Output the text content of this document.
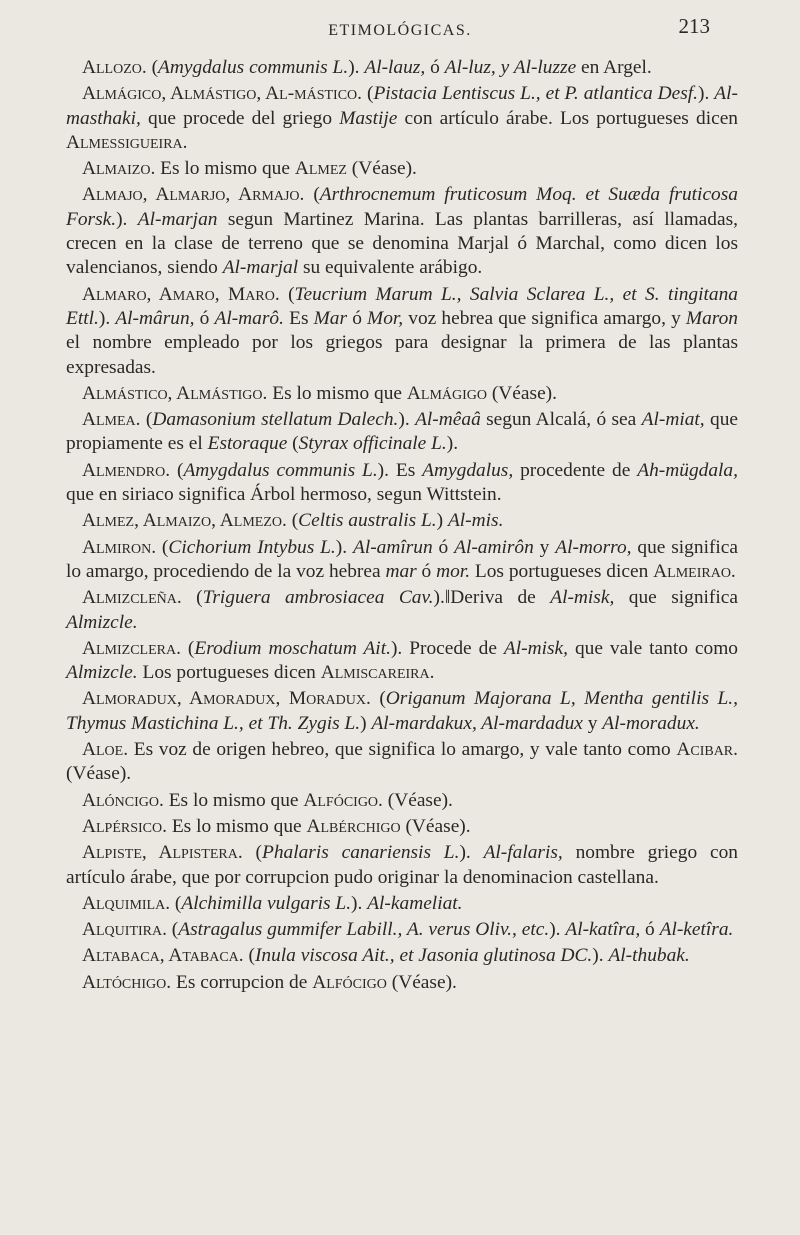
ETIMOLÓGICAS.	213

Allozo. (Amygdalus communis L.). Al-lauz, ó Al-luz, y Al-luzze en Argel.

Almágico, Almástigo, Al-mástico. (Pistacia Lentiscus L., et P. atlantica Desf.). Al-masthaki, que procede del griego Mastije con artículo árabe. Los portugueses dicen Almessigueira.

Almaizo. Es lo mismo que Almez (Véase).

Almajo, Almarjo, Armajo. (Arthrocnemum fruticosum Moq. et Suæda fruticosa Forsk.). Al-marjan segun Martinez Marina. Las plantas barrilleras, así llamadas, crecen en la clase de terreno que se denomina Marjal ó Marchal, como dicen los valencianos, siendo Al-marjal su equivalente arábigo.

Almaro, Amaro, Maro. (Teucrium Marum L., Salvia Sclarea L., et S. tingitana Ettl.). Al-mârun, ó Al-marô. Es Mar ó Mor, voz hebrea que significa amargo, y Maron el nombre empleado por los griegos para designar la primera de las plantas expresadas.

Almástico, Almástigo. Es lo mismo que Almágigo (Véase).

Almea. (Damasonium stellatum Dalech.). Al-mêaâ segun Alcalá, ó sea Al-miat, que propiamente es el Estoraque (Styrax officinale L.).

Almendro. (Amygdalus communis L.). Es Amygdalus, procedente de Ah-mügdala, que en siriaco significa Árbol hermoso, segun Wittstein.

Almez, Almaizo, Almezo. (Celtis australis L.) Al-mis.

Almiron. (Cichorium Intybus L.). Al-amîrun ó Al-amirôn y Al-morro, que significa lo amargo, procediendo de la voz hebrea mar ó mor. Los portugueses dicen Almeirao.

Almizcleña. (Triguera ambrosiacea Cav.).‖Deriva de Al-misk, que significa Almizcle.

Almizclera. (Erodium moschatum Ait.). Procede de Al-misk, que vale tanto como Almizcle. Los portugueses dicen Almiscareira.

Almoradux, Amoradux, Moradux. (Origanum Majorana L, Mentha gentilis L., Thymus Mastichina L., et Th. Zygis L.) Al-mardakux, Al-mardadux y Al-moradux.

Aloe. Es voz de origen hebreo, que significa lo amargo, y vale tanto como Acibar. (Véase).

Alóncigo. Es lo mismo que Alfócigo. (Véase).

Alpérsico. Es lo mismo que Albérchigo (Véase).

Alpiste, Alpistera. (Phalaris canariensis L.). Al-falaris, nombre griego con artículo árabe, que por corrupcion pudo originar la denominacion castellana.

Alquimila. (Alchimilla vulgaris L.). Al-kameliat.

Alquitira. (Astragalus gummifer Labill., A. verus Oliv., etc.). Al-katîra, ó Al-ketîra.

Altabaca, Atabaca. (Inula viscosa Ait., et Jasonia glutinosa DC.). Al-thubak.

Altóchigo. Es corrupcion de Alfócigo (Véase).
